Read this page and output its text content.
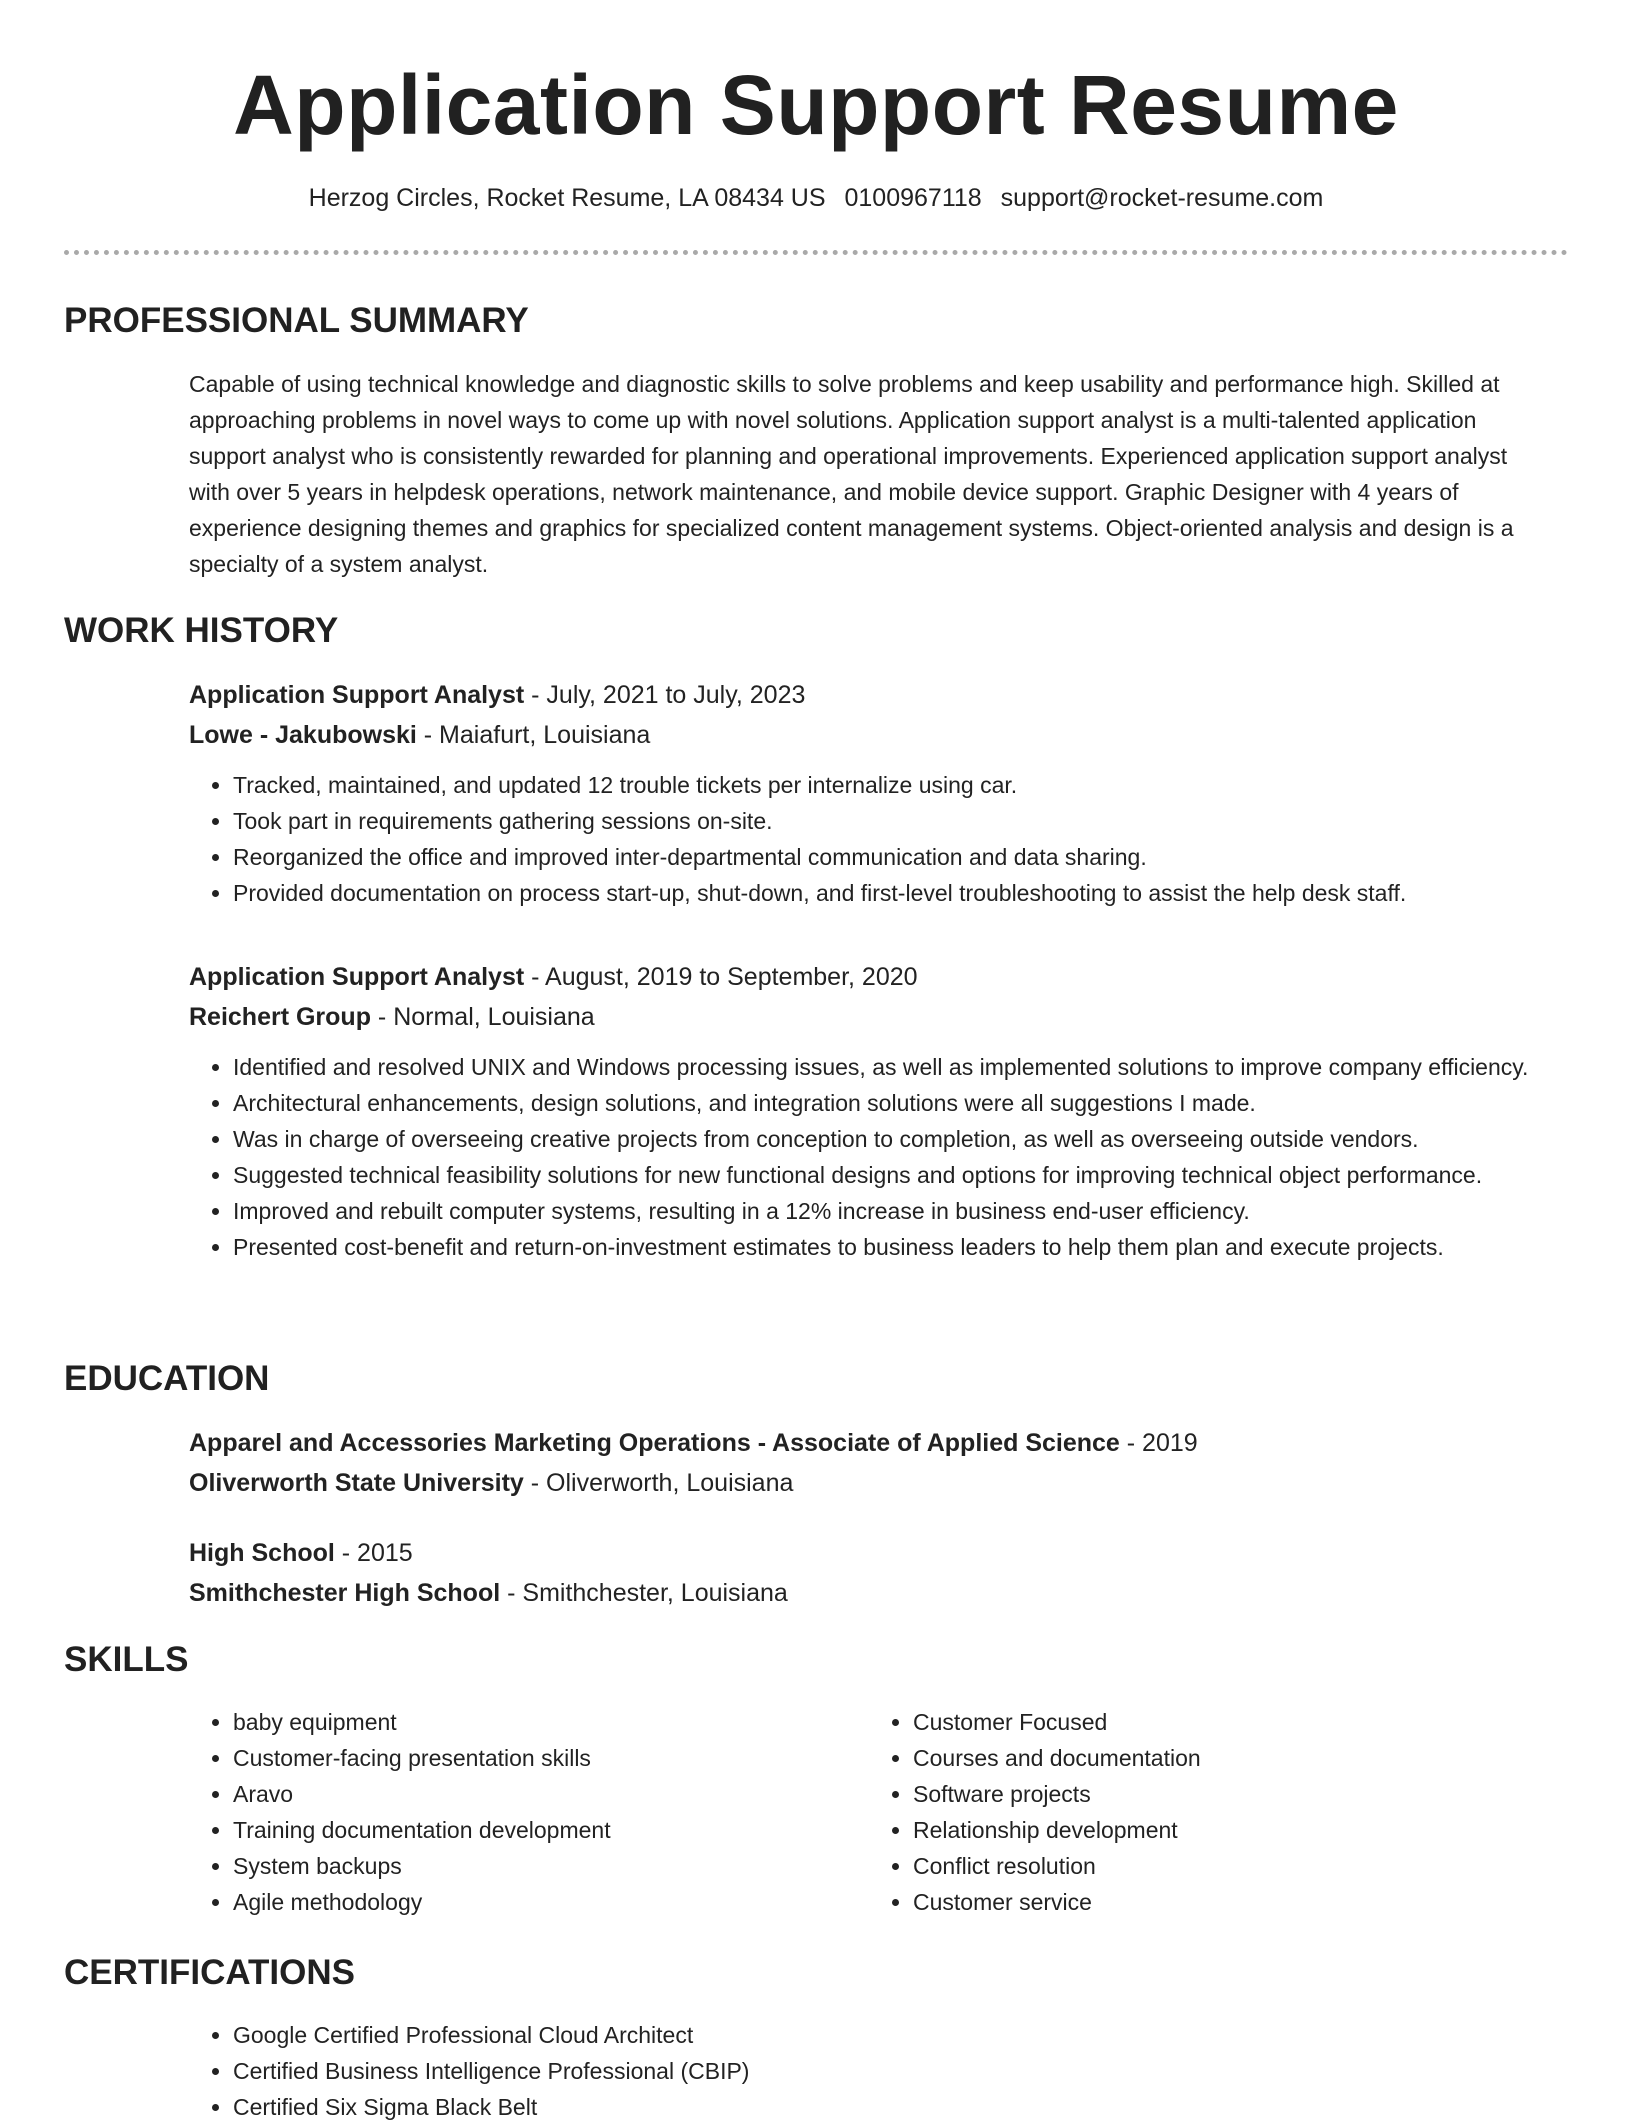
Application Support Resume
Herzog Circles, Rocket Resume, LA 08434 US 0100967118 support@rocket-resume.com
PROFESSIONAL SUMMARY

Capable of using technical knowledge and diagnostic skills to solve problems and keep usability and performance high. Skilled at approaching problems in novel ways to come up with novel solutions. Application support analyst is a multi-talented application support analyst who is consistently rewarded for planning and operational improvements. Experienced application support analyst with over 5 years in helpdesk operations, network maintenance, and mobile device support. Graphic Designer with 4 years of experience designing themes and graphics for specialized content management systems. Object-oriented analysis and design is a specialty of a system analyst.

WORK HISTORY
Application Support Analyst - July, 2021 to July, 2023
Lowe - Jakubowski - Maiafurt, Louisiana
• Tracked, maintained, and updated 12 trouble tickets per internalize using car.
• Took part in requirements gathering sessions on-site.
• Reorganized the office and improved inter-departmental communication and data sharing.
• Provided documentation on process start-up, shut-down, and first-level troubleshooting to assist the help desk staff.
Application Support Analyst - August, 2019 to September, 2020
Reichert Group - Normal, Louisiana
• Identified and resolved UNIX and Windows processing issues, as well as implemented solutions to improve company efficiency.
• Architectural enhancements, design solutions, and integration solutions were all suggestions I made.
• Was in charge of overseeing creative projects from conception to completion, as well as overseeing outside vendors.
• Suggested technical feasibility solutions for new functional designs and options for improving technical object performance.
• Improved and rebuilt computer systems, resulting in a 12% increase in business end-user efficiency.
• Presented cost-benefit and return-on-investment estimates to business leaders to help them plan and execute projects.
EDUCATION
Apparel and Accessories Marketing Operations - Associate of Applied Science - 2019
Oliverworth State University - Oliverworth, Louisiana
High School - 2015
Smithchester High School - Smithchester, Louisiana
SKILLS
• baby equipment
• Customer-facing presentation skills
• Aravo
• Training documentation development
• System backups
• Agile methodology
• Customer Focused
• Courses and documentation
• Software projects
• Relationship development
• Conflict resolution
• Customer service
CERTIFICATIONS
• Google Certified Professional Cloud Architect
• Certified Business Intelligence Professional (CBIP)
• Certified Six Sigma Black Belt
